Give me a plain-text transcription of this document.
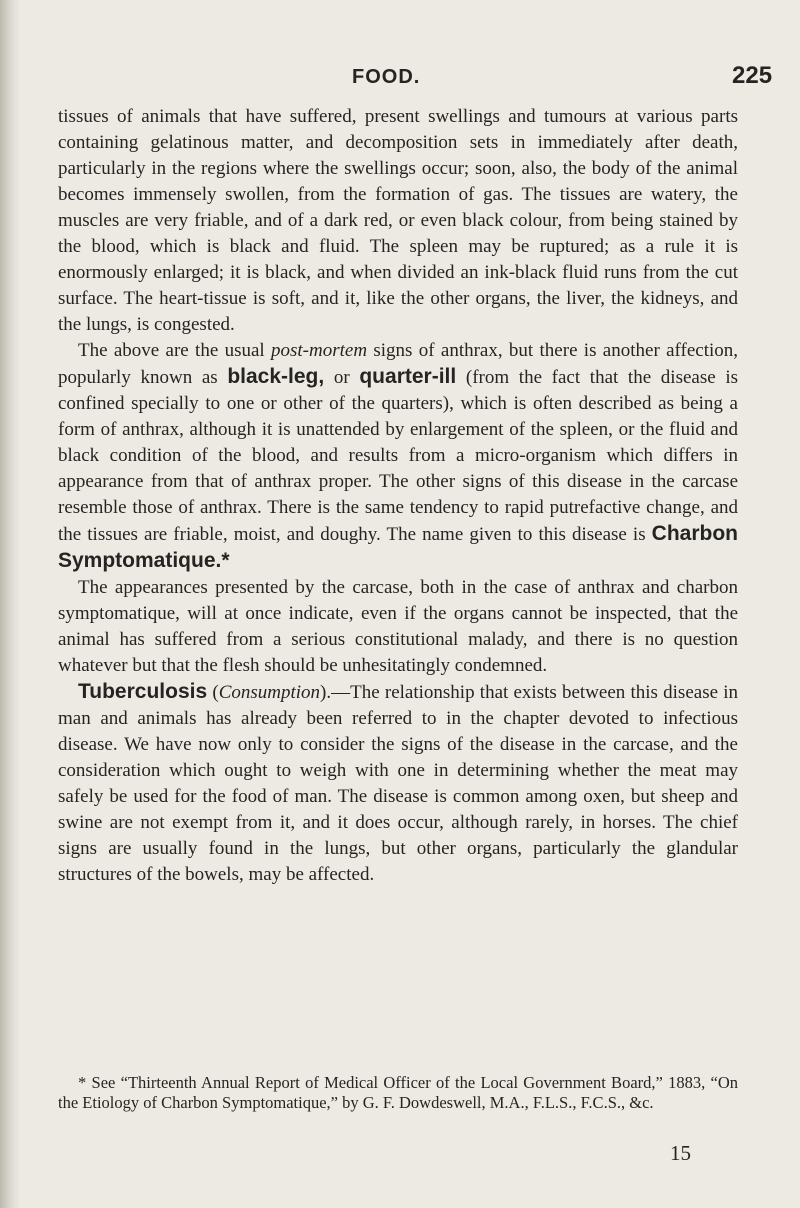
FOOD.	225

tissues of animals that have suffered, present swellings and tumours at various parts containing gelatinous matter, and decomposition sets in immediately after death, particularly in the regions where the swellings occur; soon, also, the body of the animal becomes immensely swollen, from the formation of gas. The tissues are watery, the muscles are very friable, and of a dark red, or even black colour, from being stained by the blood, which is black and fluid. The spleen may be ruptured; as a rule it is enormously enlarged; it is black, and when divided an ink-black fluid runs from the cut surface. The heart-tissue is soft, and it, like the other organs, the liver, the kidneys, and the lungs, is congested.

The above are the usual post-mortem signs of anthrax, but there is another affection, popularly known as black-leg, or quarter-ill (from the fact that the disease is confined specially to one or other of the quarters), which is often described as being a form of anthrax, although it is unattended by enlargement of the spleen, or the fluid and black condition of the blood, and results from a micro-organism which differs in appearance from that of anthrax proper. The other signs of this disease in the carcase resemble those of anthrax. There is the same tendency to rapid putrefactive change, and the tissues are friable, moist, and doughy. The name given to this disease is Charbon Symptomatique.*

The appearances presented by the carcase, both in the case of anthrax and charbon symptomatique, will at once indicate, even if the organs cannot be inspected, that the animal has suffered from a serious constitutional malady, and there is no question whatever but that the flesh should be unhesitatingly condemned.

Tuberculosis (Consumption).—The relationship that exists between this disease in man and animals has already been referred to in the chapter devoted to infectious disease. We have now only to consider the signs of the disease in the carcase, and the consideration which ought to weigh with one in determining whether the meat may safely be used for the food of man. The disease is common among oxen, but sheep and swine are not exempt from it, and it does occur, although rarely, in horses. The chief signs are usually found in the lungs, but other organs, particularly the glandular structures of the bowels, may be affected.

* See “Thirteenth Annual Report of Medical Officer of the Local Government Board,” 1883, “On the Etiology of Charbon Symptomatique,” by G. F. Dowdeswell, M.A., F.L.S., F.C.S., &c.

15
